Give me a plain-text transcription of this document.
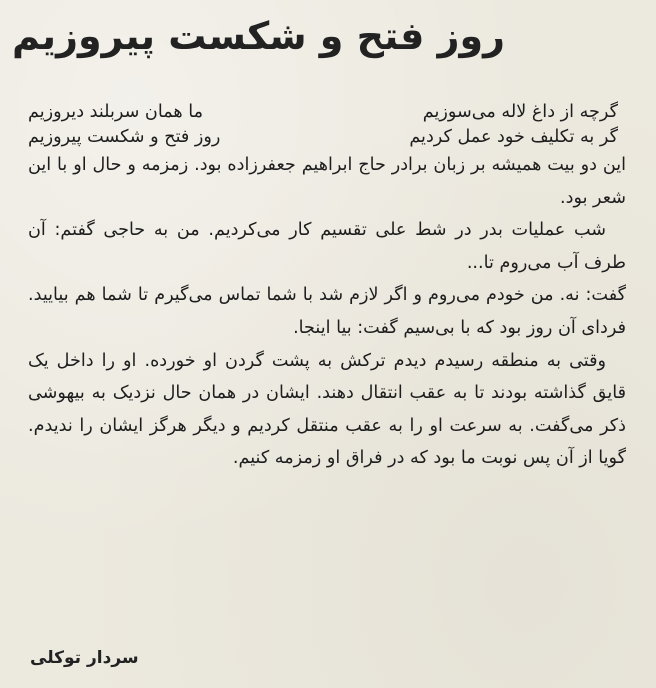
روز فتح و شکست پیروزیم
گرچه از داغ لاله می‌سوزیم
ما همان سربلند دیروزیم
گر به تکلیف خود عمل کردیم
روز فتح و شکست پیروزیم

این دو بیت همیشه بر زبان برادر حاج ابراهیم جعفرزاده بود. زمزمه و حال او با این شعر بود.

شب عملیات بدر در شط علی تقسیم کار می‌کردیم. من به حاجی گفتم: آن طرف آب می‌روم تا...

گفت: نه. من خودم می‌روم و اگر لازم شد با شما تماس می‌گیرم تا شما هم بیایید. فردای آن روز بود که با بی‌سیم گفت: بیا اینجا.

وقتی به منطقه رسیدم دیدم ترکش به پشت گردن او خورده. او را داخل یک قایق گذاشته بودند تا به عقب انتقال دهند. ایشان در همان حال نزدیک به بیهوشی ذکر می‌گفت. به سرعت او را به عقب منتقل کردیم و دیگر هرگز ایشان را ندیدم. گویا از آن پس نوبت ما بود که در فراق او زمزمه کنیم.

سردار توکلی
